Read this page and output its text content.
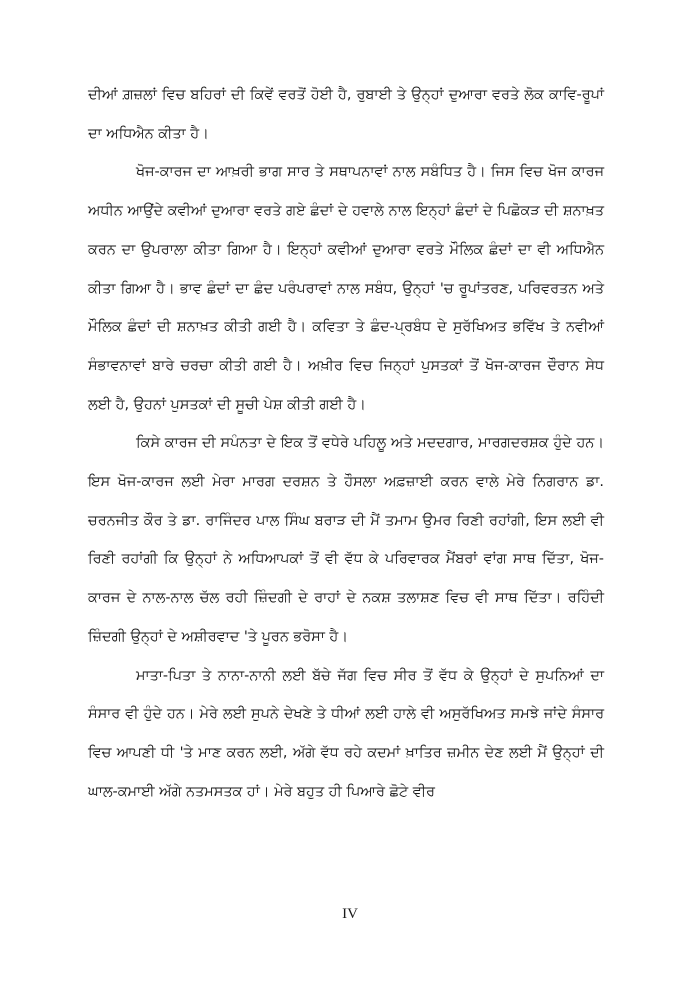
ਦੀਆਂ ਗ਼ਜ਼ਲਾਂ ਵਿਚ ਬਹਿਰਾਂ ਦੀ ਕਿਵੇਂ ਵਰਤੋਂ ਹੋਈ ਹੈ, ਰੁਬਾਈ ਤੇ ਉਨ੍ਹਾਂ ਦੁਆਰਾ ਵਰਤੇ ਲੋਕ ਕਾਵਿ-ਰੂਪਾਂ ਦਾ ਅਧਿਐਨ ਕੀਤਾ ਹੈ।

ਖੋਜ-ਕਾਰਜ ਦਾ ਆਖ਼ਰੀ ਭਾਗ ਸਾਰ ਤੇ ਸਥਾਪਨਾਵਾਂ ਨਾਲ ਸਬੰਧਿਤ ਹੈ। ਜਿਸ ਵਿਚ ਖੋਜ ਕਾਰਜ ਅਧੀਨ ਆਉਂਦੇ ਕਵੀਆਂ ਦੁਆਰਾ ਵਰਤੇ ਗਏ ਛੰਦਾਂ ਦੇ ਹਵਾਲੇ ਨਾਲ ਇਨ੍ਹਾਂ ਛੰਦਾਂ ਦੇ ਪਿਛੋਕੜ ਦੀ ਸ਼ਨਾਖ਼ਤ ਕਰਨ ਦਾ ਉਪਰਾਲਾ ਕੀਤਾ ਗਿਆ ਹੈ। ਇਨ੍ਹਾਂ ਕਵੀਆਂ ਦੁਆਰਾ ਵਰਤੇ ਮੌਲਿਕ ਛੰਦਾਂ ਦਾ ਵੀ ਅਧਿਐਨ ਕੀਤਾ ਗਿਆ ਹੈ। ਭਾਵ ਛੰਦਾਂ ਦਾ ਛੰਦ ਪਰੰਪਰਾਵਾਂ ਨਾਲ ਸਬੰਧ, ਉਨ੍ਹਾਂ 'ਚ ਰੂਪਾਂਤਰਣ, ਪਰਿਵਰਤਨ ਅਤੇ ਮੌਲਿਕ ਛੰਦਾਂ ਦੀ ਸ਼ਨਾਖ਼ਤ ਕੀਤੀ ਗਈ ਹੈ। ਕਵਿਤਾ ਤੇ ਛੰਦ-ਪ੍ਰਬੰਧ ਦੇ ਸੁਰੱਖਿਅਤ ਭਵਿੱਖ ਤੇ ਨਵੀਆਂ ਸੰਭਾਵਨਾਵਾਂ ਬਾਰੇ ਚਰਚਾ ਕੀਤੀ ਗਈ ਹੈ। ਅਖ਼ੀਰ ਵਿਚ ਜਿਨ੍ਹਾਂ ਪੁਸਤਕਾਂ ਤੋਂ ਖੋਜ-ਕਾਰਜ ਦੌਰਾਨ ਸੇਧ ਲਈ ਹੈ, ਉਹਨਾਂ ਪੁਸਤਕਾਂ ਦੀ ਸੂਚੀ ਪੇਸ਼ ਕੀਤੀ ਗਈ ਹੈ।

ਕਿਸੇ ਕਾਰਜ ਦੀ ਸਪੰਨਤਾ ਦੇ ਇਕ ਤੋਂ ਵਧੇਰੇ ਪਹਿਲੂ ਅਤੇ ਮਦਦਗਾਰ, ਮਾਰਗਦਰਸ਼ਕ ਹੁੰਦੇ ਹਨ। ਇਸ ਖੋਜ-ਕਾਰਜ ਲਈ ਮੇਰਾ ਮਾਰਗ ਦਰਸ਼ਨ ਤੇ ਹੌਸਲਾ ਅਫ਼ਜ਼ਾਈ ਕਰਨ ਵਾਲੇ ਮੇਰੇ ਨਿਗਰਾਨ ਡਾ. ਚਰਨਜੀਤ ਕੌਰ ਤੇ ਡਾ. ਰਾਜਿੰਦਰ ਪਾਲ ਸਿੰਘ ਬਰਾੜ ਦੀ ਮੈਂ ਤਮਾਮ ਉਮਰ ਰਿਣੀ ਰਹਾਂਗੀ, ਇਸ ਲਈ ਵੀ ਰਿਣੀ ਰਹਾਂਗੀ ਕਿ ਉਨ੍ਹਾਂ ਨੇ ਅਧਿਆਪਕਾਂ ਤੋਂ ਵੀ ਵੱਧ ਕੇ ਪਰਿਵਾਰਕ ਮੈਂਬਰਾਂ ਵਾਂਗ ਸਾਥ ਦਿੱਤਾ, ਖੋਜ-ਕਾਰਜ ਦੇ ਨਾਲ-ਨਾਲ ਚੱਲ ਰਹੀ ਜ਼ਿੰਦਗੀ ਦੇ ਰਾਹਾਂ ਦੇ ਨਕਸ਼ ਤਲਾਸ਼ਣ ਵਿਚ ਵੀ ਸਾਥ ਦਿੱਤਾ। ਰਹਿੰਦੀ ਜ਼ਿੰਦਗੀ ਉਨ੍ਹਾਂ ਦੇ ਅਸ਼ੀਰਵਾਦ 'ਤੇ ਪੂਰਨ ਭਰੋਸਾ ਹੈ।

ਮਾਤਾ-ਪਿਤਾ ਤੇ ਨਾਨਾ-ਨਾਨੀ ਲਈ ਬੱਚੇ ਜੱਗ ਵਿਚ ਸੀਰ ਤੋਂ ਵੱਧ ਕੇ ਉਨ੍ਹਾਂ ਦੇ ਸੁਪਨਿਆਂ ਦਾ ਸੰਸਾਰ ਵੀ ਹੁੰਦੇ ਹਨ। ਮੇਰੇ ਲਈ ਸੁਪਨੇ ਦੇਖਣੇ ਤੇ ਧੀਆਂ ਲਈ ਹਾਲੇ ਵੀ ਅਸੁਰੱਖਿਅਤ ਸਮਝੇ ਜਾਂਦੇ ਸੰਸਾਰ ਵਿਚ ਆਪਣੀ ਧੀ 'ਤੇ ਮਾਣ ਕਰਨ ਲਈ, ਅੱਗੇ ਵੱਧ ਰਹੇ ਕਦਮਾਂ ਖ਼ਾਤਿਰ ਜ਼ਮੀਨ ਦੇਣ ਲਈ ਮੈਂ ਉਨ੍ਹਾਂ ਦੀ ਘਾਲ-ਕਮਾਈ ਅੱਗੇ ਨਤਮਸਤਕ ਹਾਂ। ਮੇਰੇ ਬਹੁਤ ਹੀ ਪਿਆਰੇ ਛੋਟੇ ਵੀਰ

IV
